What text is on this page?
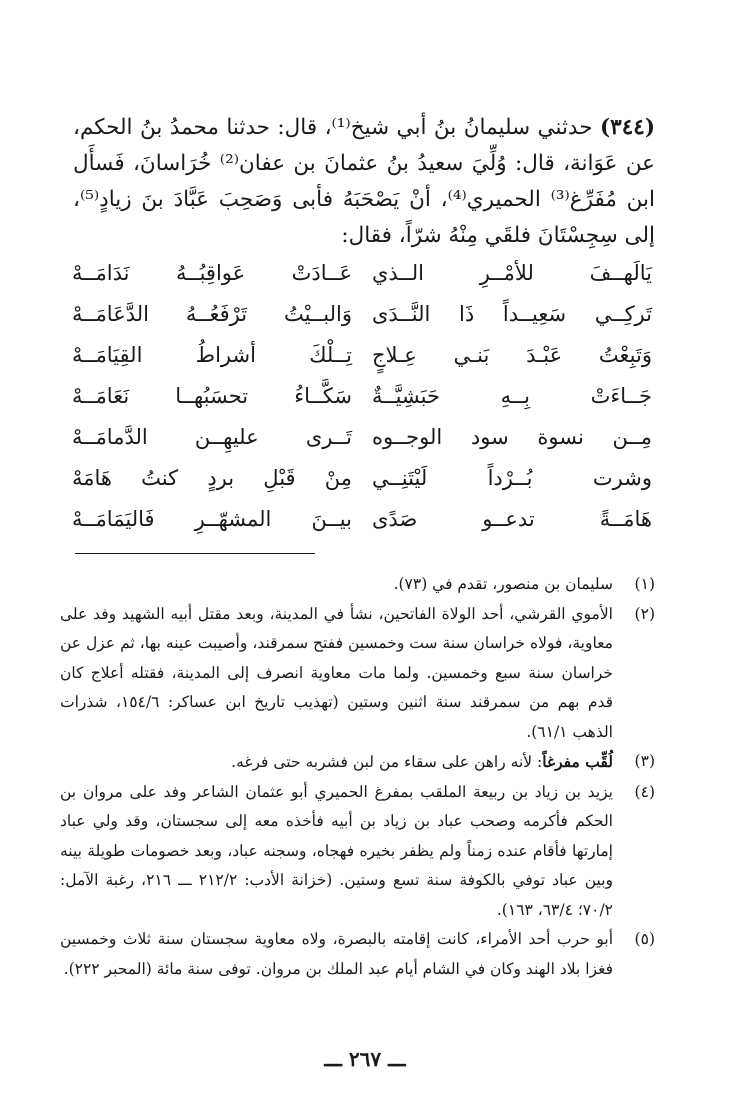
(٣٤٤) حدثني سليمانُ بنُ أبي شيخ⁽¹⁾، قال: حدثنا محمدُ بنُ الحكم، عن عَوَانة، قال: وُلِّيَ سعيدُ بنُ عثمانَ بن عفان⁽²⁾ خُرَاسانَ، فَسأَل ابن مُفَرِّغ⁽³⁾ الحميري⁽⁴⁾، أنْ يَصْحَبَهُ فأبى وَصَحِبَ عَبَّادَ بنَ زيادٍ⁽⁵⁾، إلى سِجِسْتَانَ فلقَي مِنْهُ شرّاً، فقال:

يَالَهــفَ للأمْــرِ الــذي
عَــادَتْ عَواقِبُــهُ نَدَامَــهْ
تَركِــي سَعِيــداً ذَا النَّــدَى
وَالبــيْتُ تَرْفَعُــهُ الدَّعَامَــهْ
وَتَبِعْتُ عَبْـدَ بَنـي عِـلاجٍ
تِــلْكَ أشراطُ القِيَامَــهْ
جَــاءَتْ بِــهِ حَبَشِيَّــةٌ
سَكَّــاءُ تحسَبُهــا نَعَامَــهْ
مِــن نسوة سود الوجــوه
تَــرى عليهِــن الدَّمامَــهْ
وشرت بُــرْداً لَيْتَنِــي
مِنْ قَبْلِ بردٍ كنتُ هَامَهْ
هَامَــةً تدعــو صَدًى
بيــنَ المشهّــرِ فَاليَمَامَــهْ
(١)
سليمان بن منصور، تقدم في (٧٣).
(٢)
الأموي القرشي، أحد الولاة الفاتحين، نشأ في المدينة، وبعد مقتل أبيه الشهيد وفد على معاوية، فولاه خراسان سنة ست وخمسين ففتح سمرقند، وأصيبت عينه بها، ثم عزل عن خراسان سنة سبع وخمسين. ولما مات معاوية انصرف إلى المدينة، فقتله أعلاج كان قدم بهم من سمرقند سنة اثنين وستين (تهذيب تاريخ ابن عساكر: ١٥٤/٦، شذرات الذهب ٦١/١).
(٣)
لُقِّب مفرغاً: لأنه راهن على سقاء من لبن فشربه حتى فرغه.
(٤)
يزيد بن زياد بن ربيعة الملقب بمفرغ الحميري أبو عثمان الشاعر وفد على مروان بن الحكم فأكرمه وصحب عباد بن زياد بن أبيه فأخذه معه إلى سجستان، وقد ولي عباد إمارتها فأقام عنده زمناً ولم يظفر بخيره فهجاه، وسجنه عباد، وبعد خصومات طويلة بينه وبين عباد توفي بالكوفة سنة تسع وستين. (خزانة الأدب: ٢١٢/٢ ـــ ٢١٦، رغبة الآمل: ٧٠/٢؛ ٦٣/٤، ١٦٣).
(٥)
أبو حرب أحد الأمراء، كانت إقامته بالبصرة، ولاه معاوية سجستان سنة ثلاث وخمسين فغزا بلاد الهند وكان في الشام أيام عبد الملك بن مروان. توفى سنة مائة (المحبر ٢٢٢).
ـــ ٢٦٧ ـــ
